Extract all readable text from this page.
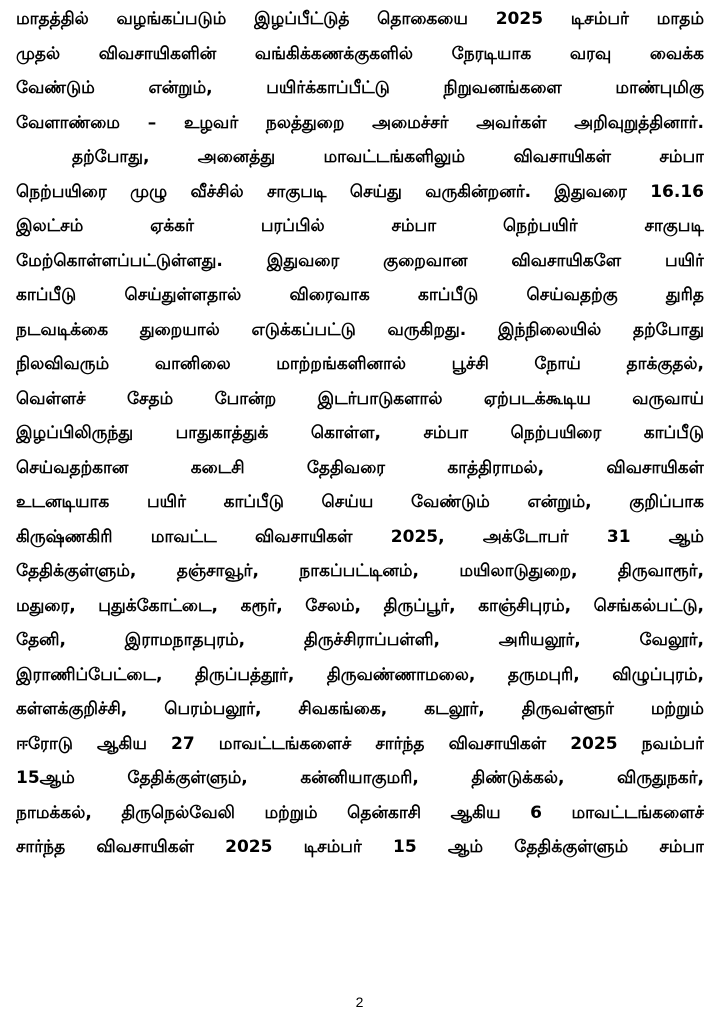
மாதத்தில் வழங்கப்படும் இழப்பீட்டுத் தொகையை 2025 டிசம்பர் மாதம்
முதல் விவசாயிகளின் வங்கிக்கணக்குகளில் நேரடியாக வரவு வைக்க
வேண்டும் என்றும், பயிர்க்காப்பீட்டு நிறுவனங்களை மாண்புமிகு
வேளாண்மை – உழவர் நலத்துறை அமைச்சர் அவர்கள் அறிவுறுத்தினார்.
தற்போது, அனைத்து மாவட்டங்களிலும் விவசாயிகள் சம்பா
நெற்பயிரை முழு வீச்சில் சாகுபடி செய்து வருகின்றனர். இதுவரை 16.16
இலட்சம் ஏக்கர் பரப்பில் சம்பா நெற்பயிர் சாகுபடி
மேற்கொள்ளப்பட்டுள்ளது. இதுவரை குறைவான விவசாயிகளே பயிர்
காப்பீடு செய்துள்ளதால் விரைவாக காப்பீடு செய்வதற்கு துரித
நடவடிக்கை துறையால் எடுக்கப்பட்டு வருகிறது. இந்நிலையில் தற்போது
நிலவிவரும் வானிலை மாற்றங்களினால் பூச்சி நோய் தாக்குதல்,
வெள்ளச் சேதம் போன்ற இடர்பாடுகளால் ஏற்படக்கூடிய வருவாய்
இழப்பிலிருந்து பாதுகாத்துக் கொள்ள, சம்பா நெற்பயிரை காப்பீடு
செய்வதற்கான கடைசி தேதிவரை காத்திராமல், விவசாயிகள்
உடனடியாக பயிர் காப்பீடு செய்ய வேண்டும் என்றும், குறிப்பாக
கிருஷ்ணகிரி மாவட்ட விவசாயிகள் 2025, அக்டோபர் 31 ஆம்
தேதிக்குள்ளும், தஞ்சாவூர், நாகப்பட்டினம், மயிலாடுதுறை, திருவாரூர்,
மதுரை, புதுக்கோட்டை, கரூர், சேலம், திருப்பூர், காஞ்சிபுரம், செங்கல்பட்டு,
தேனி, இராமநாதபுரம், திருச்சிராப்பள்ளி, அரியலூர், வேலூர்,
இராணிப்பேட்டை, திருப்பத்தூர், திருவண்ணாமலை, தருமபுரி, விழுப்புரம்,
கள்ளக்குறிச்சி, பெரம்பலூர், சிவகங்கை, கடலூர், திருவள்ளூர் மற்றும்
ஈரோடு ஆகிய 27 மாவட்டங்களைச் சார்ந்த விவசாயிகள் 2025 நவம்பர்
15ஆம் தேதிக்குள்ளும், கன்னியாகுமரி, திண்டுக்கல், விருதுநகர்,
நாமக்கல், திருநெல்வேலி மற்றும் தென்காசி ஆகிய 6 மாவட்டங்களைச்
சார்ந்த விவசாயிகள் 2025 டிசம்பர் 15 ஆம் தேதிக்குள்ளும் சம்பா
2
